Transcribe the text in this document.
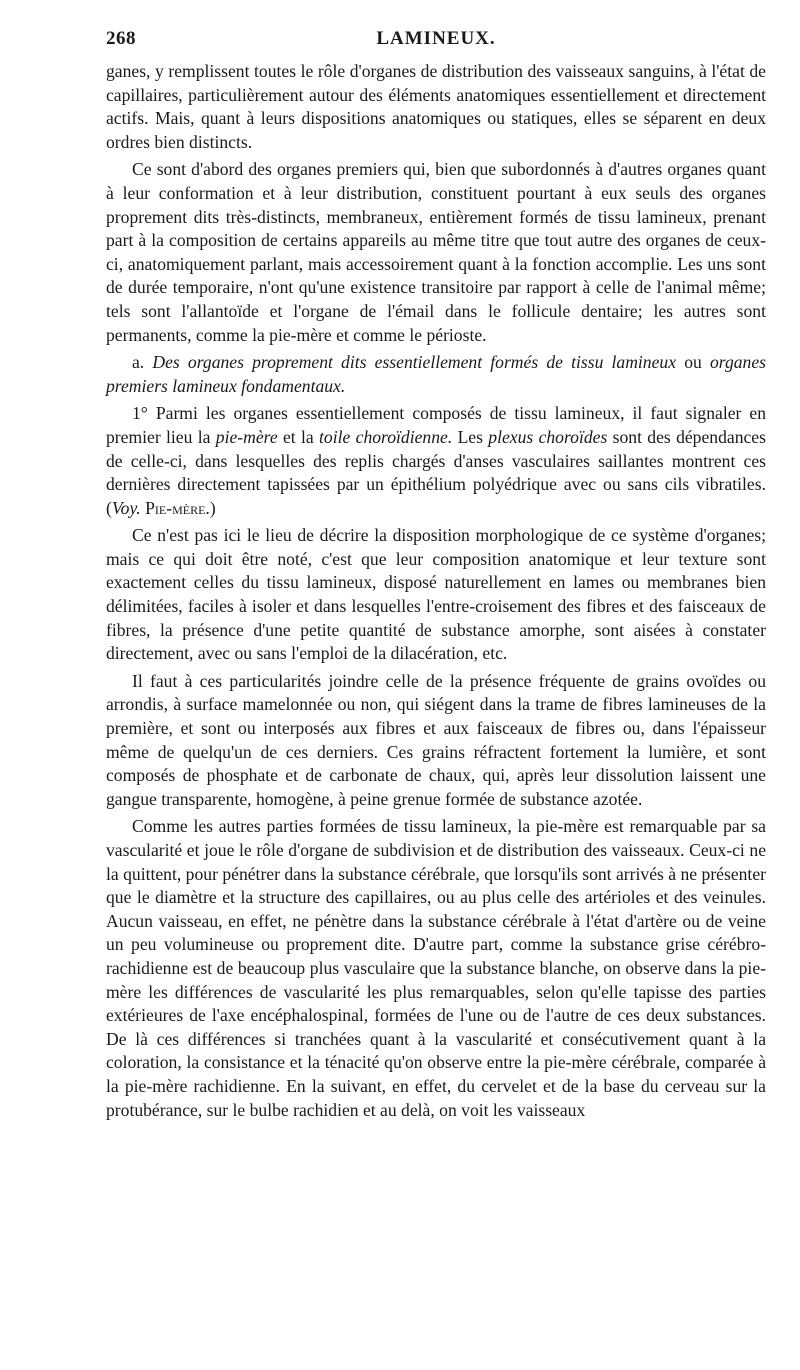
268	LAMINEUX.

ganes, y remplissent toutes le rôle d'organes de distribution des vaisseaux sanguins, à l'état de capillaires, particulièrement autour des éléments anatomiques essentiellement et directement actifs. Mais, quant à leurs dispositions anatomiques ou statiques, elles se séparent en deux ordres bien distincts.

Ce sont d'abord des organes premiers qui, bien que subordonnés à d'autres organes quant à leur conformation et à leur distribution, constituent pourtant à eux seuls des organes proprement dits très-distincts, membraneux, entièrement formés de tissu lamineux, prenant part à la composition de certains appareils au même titre que tout autre des organes de ceux-ci, anatomiquement parlant, mais accessoirement quant à la fonction accomplie. Les uns sont de durée temporaire, n'ont qu'une existence transitoire par rapport à celle de l'animal même; tels sont l'allantoïde et l'organe de l'émail dans le follicule dentaire; les autres sont permanents, comme la pie-mère et comme le périoste.

a. Des organes proprement dits essentiellement formés de tissu lamineux ou organes premiers lamineux fondamentaux.

1° Parmi les organes essentiellement composés de tissu lamineux, il faut signaler en premier lieu la pie-mère et la toile choroïdienne. Les plexus choroïdes sont des dépendances de celle-ci, dans lesquelles des replis chargés d'anses vasculaires saillantes montrent ces dernières directement tapissées par un épithélium polyédrique avec ou sans cils vibratiles. (Voy. Pie-mère.)

Ce n'est pas ici le lieu de décrire la disposition morphologique de ce système d'organes; mais ce qui doit être noté, c'est que leur composition anatomique et leur texture sont exactement celles du tissu lamineux, disposé naturellement en lames ou membranes bien délimitées, faciles à isoler et dans lesquelles l'entre-croisement des fibres et des faisceaux de fibres, la présence d'une petite quantité de substance amorphe, sont aisées à constater directement, avec ou sans l'emploi de la dilacération, etc.

Il faut à ces particularités joindre celle de la présence fréquente de grains ovoïdes ou arrondis, à surface mamelonnée ou non, qui siégent dans la trame de fibres lamineuses de la première, et sont ou interposés aux fibres et aux faisceaux de fibres ou, dans l'épaisseur même de quelqu'un de ces derniers. Ces grains réfractent fortement la lumière, et sont composés de phosphate et de carbonate de chaux, qui, après leur dissolution laissent une gangue transparente, homogène, à peine grenue formée de substance azotée.

Comme les autres parties formées de tissu lamineux, la pie-mère est remarquable par sa vascularité et joue le rôle d'organe de subdivision et de distribution des vaisseaux. Ceux-ci ne la quittent, pour pénétrer dans la substance cérébrale, que lorsqu'ils sont arrivés à ne présenter que le diamètre et la structure des capillaires, ou au plus celle des artérioles et des veinules. Aucun vaisseau, en effet, ne pénètre dans la substance cérébrale à l'état d'artère ou de veine un peu volumineuse ou proprement dite. D'autre part, comme la substance grise cérébro-rachidienne est de beaucoup plus vasculaire que la substance blanche, on observe dans la pie-mère les différences de vascularité les plus remarquables, selon qu'elle tapisse des parties extérieures de l'axe encéphalospinal, formées de l'une ou de l'autre de ces deux substances. De là ces différences si tranchées quant à la vascularité et consécutivement quant à la coloration, la consistance et la ténacité qu'on observe entre la pie-mère cérébrale, comparée à la pie-mère rachidienne. En la suivant, en effet, du cervelet et de la base du cerveau sur la protubérance, sur le bulbe rachidien et au delà, on voit les vaisseaux
